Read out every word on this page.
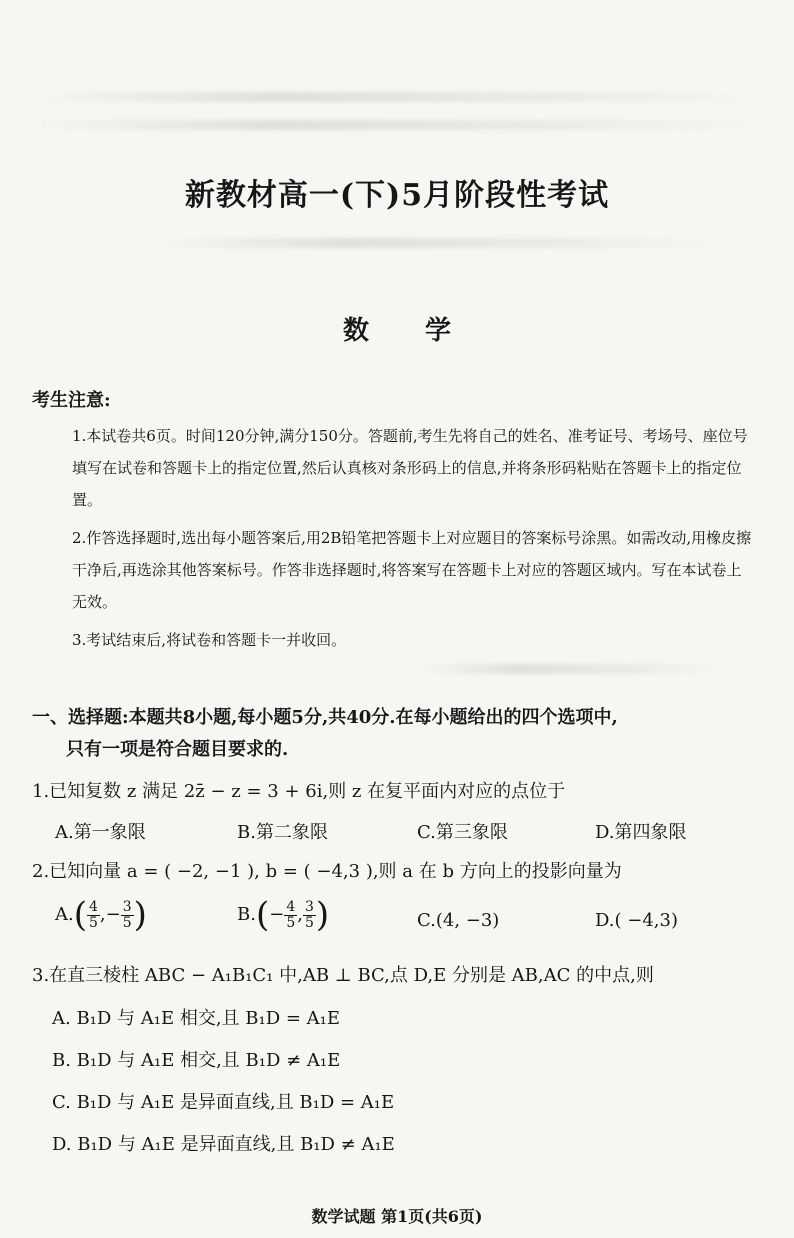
新教材高一(下)5月阶段性考试
数 学
考生注意:
1.本试卷共6页。时间120分钟,满分150分。答题前,考生先将自己的姓名、准考证号、考场号、座位号填写在试卷和答题卡上的指定位置,然后认真核对条形码上的信息,并将条形码粘贴在答题卡上的指定位置。
2.作答选择题时,选出每小题答案后,用2B铅笔把答题卡上对应题目的答案标号涂黑。如需改动,用橡皮擦干净后,再选涂其他答案标号。作答非选择题时,将答案写在答题卡上对应的答题区域内。写在本试卷上无效。
3.考试结束后,将试卷和答题卡一并收回。
一、选择题:本题共8小题,每小题5分,共40分.在每小题给出的四个选项中,
只有一项是符合题目要求的.
1.已知复数 z 满足 2z̄ − z = 3 + 6i,则 z 在复平面内对应的点位于
A.第一象限	B.第二象限	C.第三象限	D.第四象限
2.已知向量 a = ( −2, −1 ), b = ( −4,3 ),则 a 在 b 方向上的投影向量为
$A.( \frac{4}{5}$ ,− $\frac{3}{5}$ )	$B.(- \frac{4}{5}$ , $\frac{3}{5}$ )	C.(4, −3)	D.( −4,3)
3.在直三棱柱 ABC − A₁B₁C₁ 中,AB ⊥ BC,点 D,E 分别是 AB,AC 的中点,则
A. B₁D 与 A₁E 相交,且 B₁D = A₁E
B. B₁D 与 A₁E 相交,且 B₁D ≠ A₁E
C. B₁D 与 A₁E 是异面直线,且 B₁D = A₁E
D. B₁D 与 A₁E 是异面直线,且 B₁D ≠ A₁E
数学试题 第1页(共6页)
